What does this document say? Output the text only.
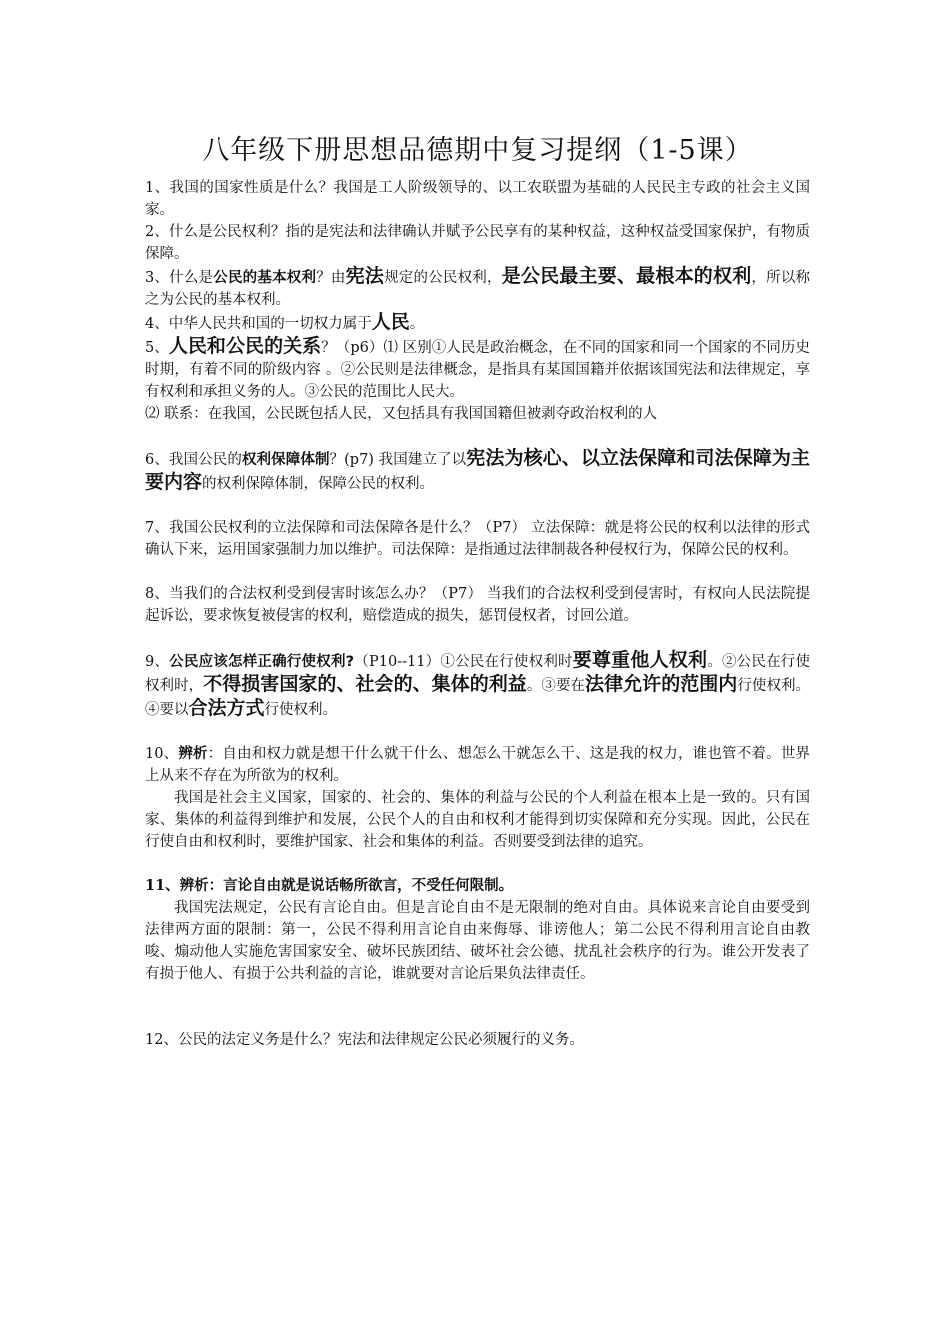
八年级下册思想品德期中复习提纲（1-5课）

1、我国的国家性质是什么？我国是工人阶级领导的、以工农联盟为基础的人民民主专政的社会主义国家。

2、什么是公民权利？指的是宪法和法律确认并赋予公民享有的某种权益，这种权益受国家保护，有物质保障。

3、什么是公民的基本权利？由宪法规定的公民权利，是公民最主要、最根本的权利，所以称之为公民的基本权利。

4、中华人民共和国的一切权力属于人民。

5、人民和公民的关系？（p6）⑴ 区别①人民是政治概念，在不同的国家和同一个国家的不同历史时期，有着不同的阶级内容 。②公民则是法律概念，是指具有某国国籍并依据该国宪法和法律规定，享有权利和承担义务的人。③公民的范围比人民大。

⑵ 联系：在我国，公民既包括人民，又包括具有我国国籍但被剥夺政治权利的人

6、我国公民的权利保障体制？(p7) 我国建立了以宪法为核心、以立法保障和司法保障为主要内容的权利保障体制，保障公民的权利。

7、我国公民权利的立法保障和司法保障各是什么？（P7） 立法保障：就是将公民的权利以法律的形式确认下来，运用国家强制力加以维护。司法保障：是指通过法律制裁各种侵权行为，保障公民的权利。

8、当我们的合法权利受到侵害时该怎么办？（P7） 当我们的合法权利受到侵害时，有权向人民法院提起诉讼，要求恢复被侵害的权利，赔偿造成的损失，惩罚侵权者，讨回公道。

9、公民应该怎样正确行使权利?（P10--11）①公民在行使权利时要尊重他人权利。②公民在行使权利时，不得损害国家的、社会的、集体的利益。③要在法律允许的范围内行使权利。 ④要以合法方式行使权利。

10、辨析：自由和权力就是想干什么就干什么、想怎么干就怎么干、这是我的权力，谁也管不着。世界上从来不存在为所欲为的权利。

我国是社会主义国家，国家的、社会的、集体的利益与公民的个人利益在根本上是一致的。只有国家、集体的利益得到维护和发展，公民个人的自由和权利才能得到切实保障和充分实现。因此，公民在行使自由和权利时，要维护国家、社会和集体的利益。否则要受到法律的追究。

11、辨析：言论自由就是说话畅所欲言，不受任何限制。

我国宪法规定，公民有言论自由。但是言论自由不是无限制的绝对自由。具体说来言论自由要受到法律两方面的限制：第一，公民不得利用言论自由来侮辱、诽谤他人；第二公民不得利用言论自由教唆、煽动他人实施危害国家安全、破坏民族团结、破坏社会公德、扰乱社会秩序的行为。谁公开发表了有损于他人、有损于公共利益的言论，谁就要对言论后果负法律责任。

12、公民的法定义务是什么？宪法和法律规定公民必须履行的义务。
